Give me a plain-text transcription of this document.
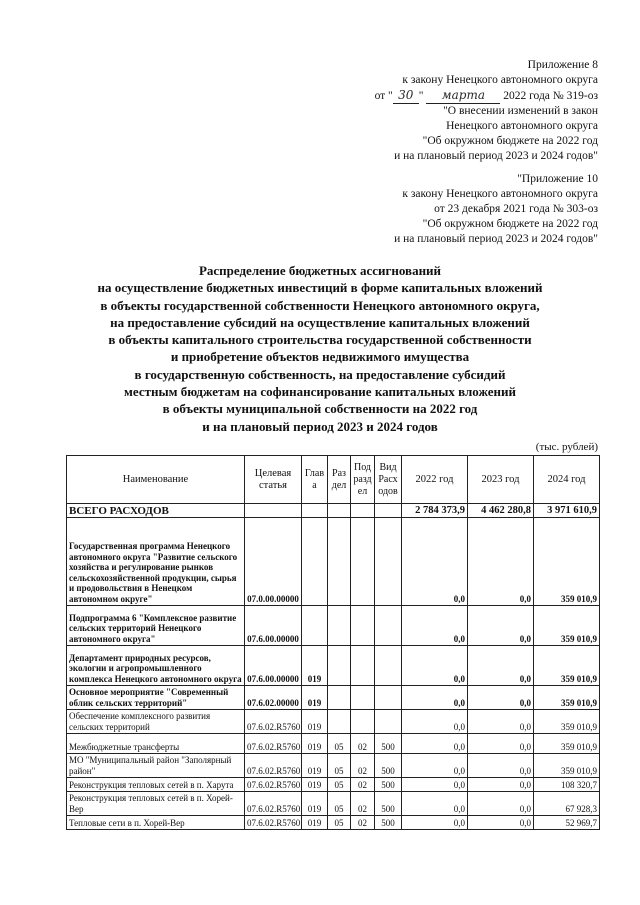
Приложение 8
к закону Ненецкого автономного округа
от " 30 " марта 2022 года № 319-оз
"О внесении изменений в закон
Ненецкого автономного округа
"Об окружном бюджете на 2022 год
и на плановый период 2023 и 2024 годов"
"Приложение 10
к закону Ненецкого автономного округа
от 23 декабря 2021 года № 303-оз
"Об окружном бюджете на 2022 год
и на плановый период 2023 и 2024 годов"
Распределение бюджетных ассигнований
на осуществление бюджетных инвестиций в форме капитальных вложений
в объекты государственной собственности Ненецкого автономного округа,
на предоставление субсидий на осуществление капитальных вложений
в объекты капитального строительства государственной собственности
и приобретение объектов недвижимого имущества
в государственную собственность, на предоставление субсидий
местным бюджетам на софинансирование капитальных вложений
в объекты муниципальной собственности на 2022 год
и на плановый период 2023 и 2024 годов
(тыс. рублей)
Наименование	Целевая статья	Глав а	Раз дел	Под разд ел	Вид Расх одов	2022 год	2023 год	2024 год
ВСЕГО РАСХОДОВ						2 784 373,9	4 462 280,8	3 971 610,9
Государственная программа Ненецкого автономного округа "Развитие сельского хозяйства и регулирование рынков сельскохозяйственной продукции, сырья и продовольствия в Ненецком автономном округе"	07.0.00.00000					0,0	0,0	359 010,9
Подпрограмма 6 "Комплексное развитие сельских территорий Ненецкого автономного округа"	07.6.00.00000					0,0	0,0	359 010,9
Департамент природных ресурсов, экологии и агропромышленного комплекса Ненецкого автономного округа	07.6.00.00000	019				0,0	0,0	359 010,9
Основное мероприятие "Современный облик сельских территорий"	07.6.02.00000	019				0,0	0,0	359 010,9
Обеспечение комплексного развития сельских территорий	07.6.02.R5760	019				0,0	0,0	359 010,9
Межбюджетные трансферты	07.6.02.R5760	019	05	02	500	0,0	0,0	359 010,9
МО "Муниципальный район "Заполярный район"	07.6.02.R5760	019	05	02	500	0,0	0,0	359 010,9
Реконструкция тепловых сетей в п. Харута	07.6.02.R5760	019	05	02	500	0,0	0,0	108 320,7
Реконструкция тепловых сетей в п. Хорей-Вер	07.6.02.R5760	019	05	02	500	0,0	0,0	67 928,3
Тепловые сети в п. Хорей-Вер	07.6.02.R5760	019	05	02	500	0,0	0,0	52 969,7
